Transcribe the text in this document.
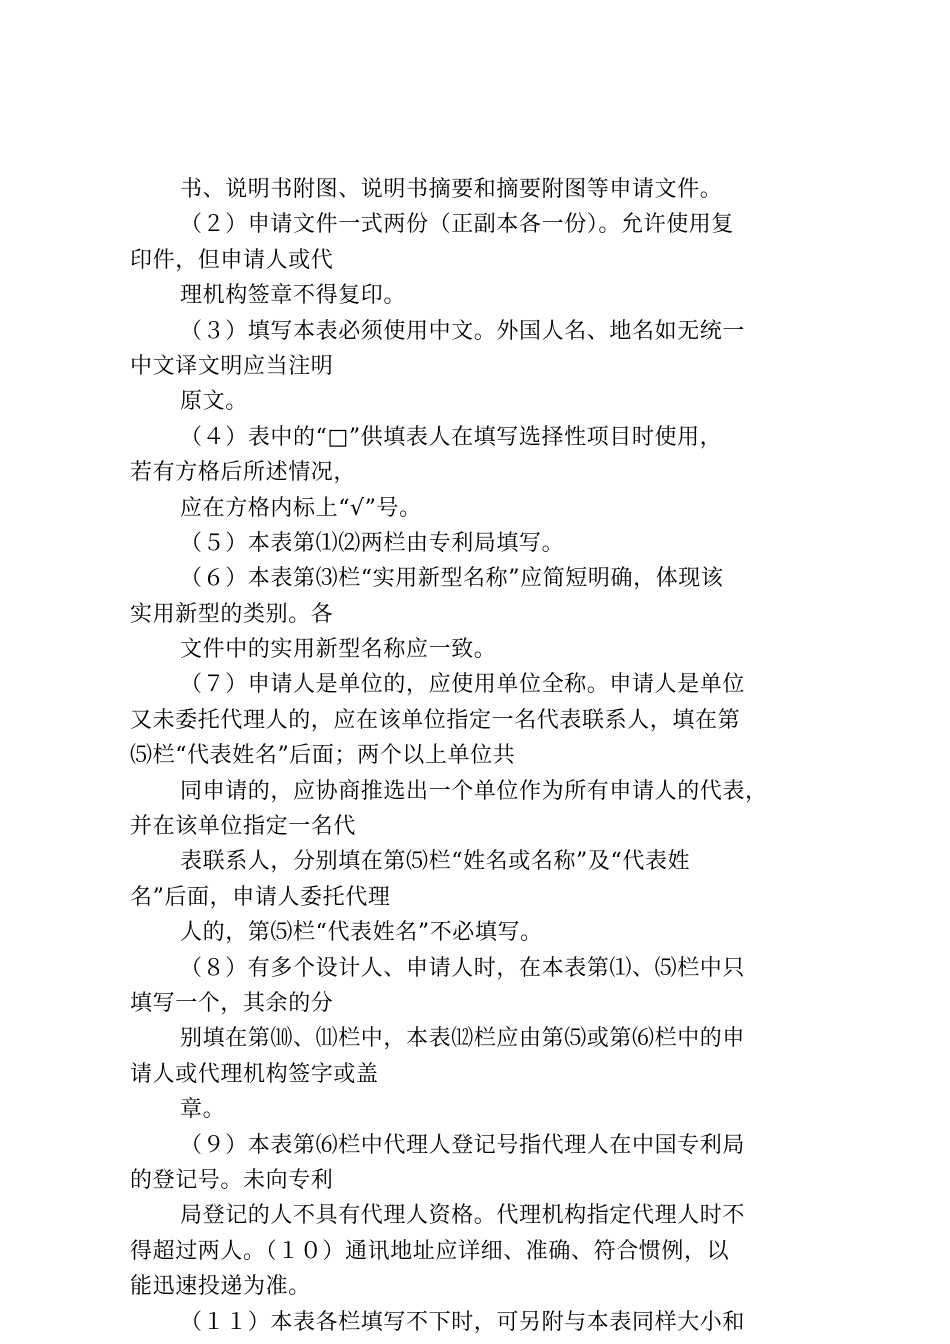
书、说明书附图、说明书摘要和摘要附图等申请文件。
（２）申请文件一式两份（正副本各一份）。允许使用复
印件，但申请人或代
理机构签章不得复印。
（３）填写本表必须使用中文。外国人名、地名如无统一
中文译文明应当注明
原文。
（４）表中的“□”供填表人在填写选择性项目时使用，
若有方格后所述情况，
应在方格内标上“√”号。
（５）本表第⑴⑵两栏由专利局填写。
（６）本表第⑶栏“实用新型名称”应简短明确，体现该
实用新型的类别。各
文件中的实用新型名称应一致。
（７）申请人是单位的，应使用单位全称。申请人是单位
又未委托代理人的，应在该单位指定一名代表联系人，填在第
⑸栏“代表姓名”后面；两个以上单位共
同申请的，应协商推选出一个单位作为所有申请人的代表，
并在该单位指定一名代
表联系人，分别填在第⑸栏“姓名或名称”及“代表姓
名”后面，申请人委托代理
人的，第⑸栏“代表姓名”不必填写。
（８）有多个设计人、申请人时，在本表第⑴、⑸栏中只
填写一个，其余的分
别填在第⑽、⑾栏中，本表⑿栏应由第⑸或第⑹栏中的申
请人或代理机构签字或盖
章。
（９）本表第⑹栏中代理人登记号指代理人在中国专利局
的登记号。未向专利
局登记的人不具有代理人资格。代理机构指定代理人时不
得超过两人。（１０）通讯地址应详细、准确、符合惯例，以
能迅速投递为准。
（１１）本表各栏填写不下时，可另附与本表同样大小和
